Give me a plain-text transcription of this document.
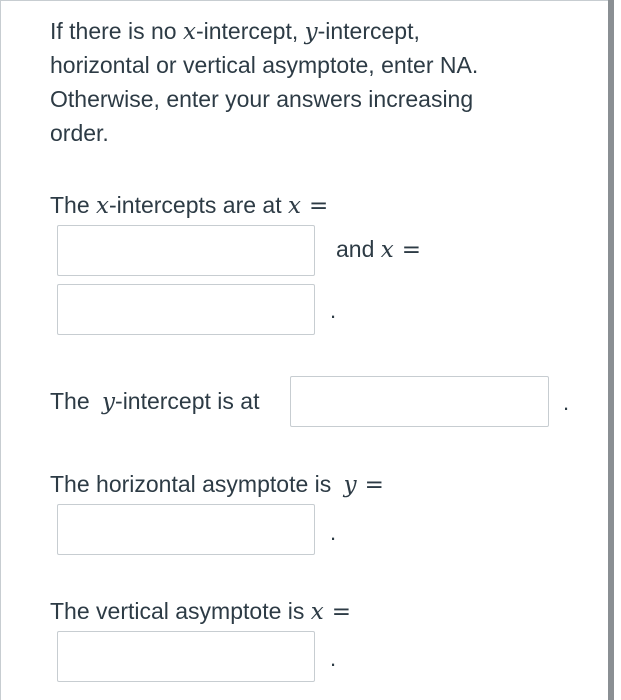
If there is no x-intercept, y-intercept,
horizontal or vertical asymptote, enter NA.
Otherwise, enter your answers increasing
order.
The x-intercepts are at x =
and x =
.
The y-intercept is at	.
The horizontal asymptote is y =
.
The vertical asymptote is x =
.
